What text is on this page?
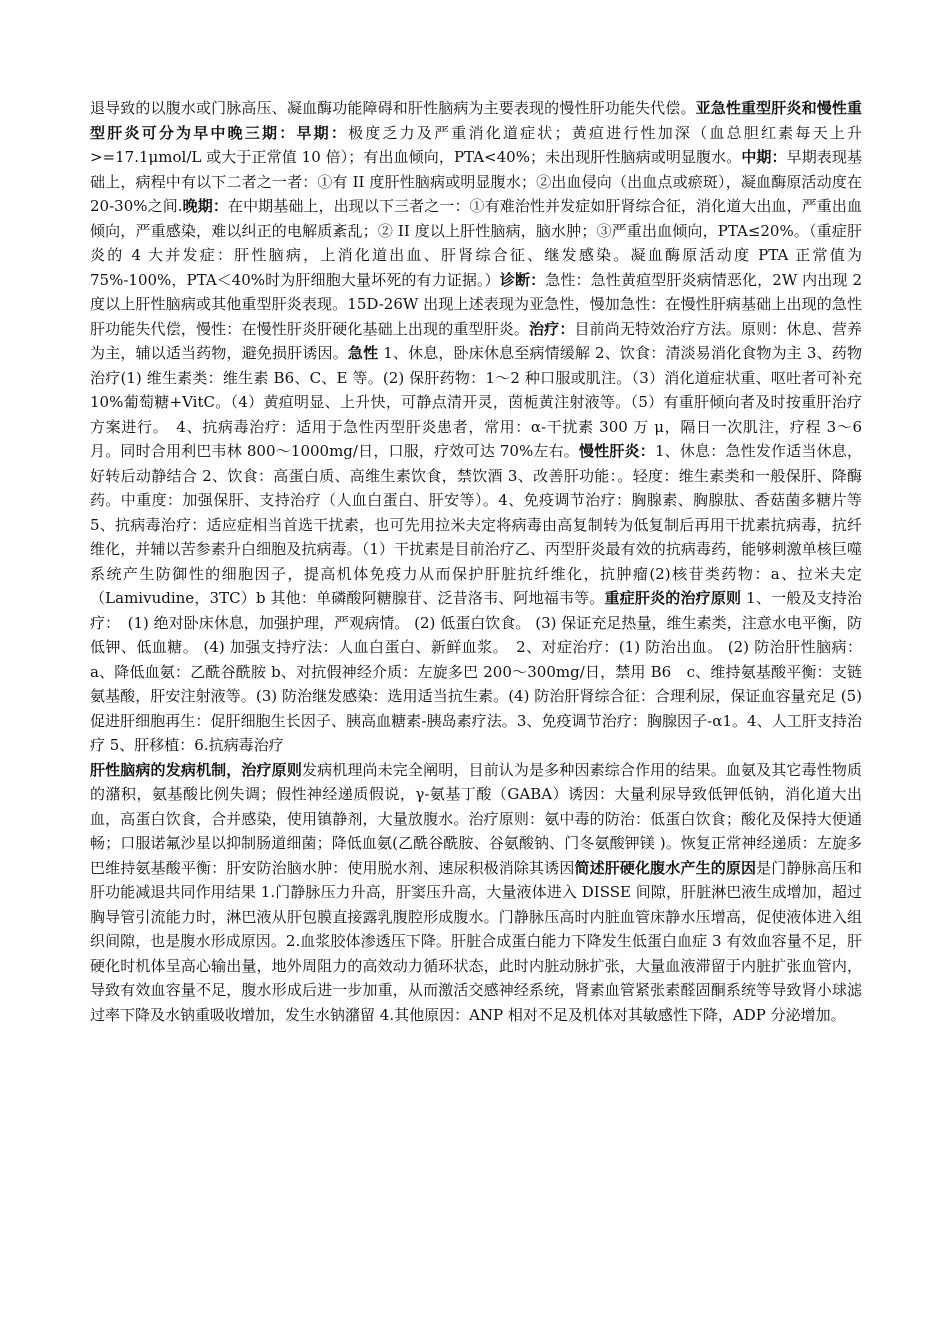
退导致的以腹水或门脉高压、凝血酶功能障碍和肝性脑病为主要表现的慢性肝功能失代偿。亚急性重型肝炎和慢性重型肝炎可分为早中晚三期：早期：极度乏力及严重消化道症状；黄疸进行性加深（血总胆红素每天上升>=17.1μmol/L 或大于正常值 10 倍）；有出血倾向，PTA<40%；未出现肝性脑病或明显腹水。中期：早期表现基础上，病程中有以下二者之一者：①有 II 度肝性脑病或明显腹水；②出血侵向（出血点或瘀斑），凝血酶原活动度在 20-30%之间.晚期：在中期基础上，出现以下三者之一：①有难治性并发症如肝肾综合征，消化道大出血，严重出血倾向，严重感染，难以纠正的电解质紊乱；② II 度以上肝性脑病，脑水肿；③严重出血倾向，PTA≤20%。（重症肝炎的 4 大并发症：肝性脑病，上消化道出血、肝肾综合征、继发感染。凝血酶原活动度 PTA 正常值为 75%-100%，PTA＜40%时为肝细胞大量坏死的有力证据。）诊断：急性：急性黄疸型肝炎病情恶化，2W 内出现 2 度以上肝性脑病或其他重型肝炎表现。15D-26W 出现上述表现为亚急性，慢加急性：在慢性肝病基础上出现的急性肝功能失代偿，慢性：在慢性肝炎肝硬化基础上出现的重型肝炎。治疗：目前尚无特效治疗方法。原则：休息、营养为主，辅以适当药物，避免损肝诱因。急性 1、休息，卧床休息至病情缓解 2、饮食：清淡易消化食物为主 3、药物治疗(1) 维生素类：维生素 B6、C、E 等。(2) 保肝药物：1～2 种口服或肌注。（3）消化道症状重、呕吐者可补充 10%葡萄糖+VitC。（4）黄疸明显、上升快，可静点清开灵，茵栀黄注射液等。（5）有重肝倾向者及时按重肝治疗方案进行。　4、抗病毒治疗：适用于急性丙型肝炎患者，常用：α-干扰素 300 万 μ，隔日一次肌注，疗程 3～6 月。同时合用利巴韦林 800～1000mg/日，口服，疗效可达 70%左右。慢性肝炎：1、休息：急性发作适当休息，好转后动静结合 2、饮食：高蛋白质、高维生素饮食，禁饮酒 3、改善肝功能：。轻度：维生素类和一般保肝、降酶药。中重度：加强保肝、支持治疗（人血白蛋白、肝安等）。4、免疫调节治疗：胸腺素、胸腺肽、香菇菌多糖片等 5、抗病毒治疗：适应症相当首选干扰素，也可先用拉米夫定将病毒由高复制转为低复制后再用干扰素抗病毒，抗纤维化，并辅以苦参素升白细胞及抗病毒。（1）干扰素是目前治疗乙、丙型肝炎最有效的抗病毒药，能够刺激单核巨噬系统产生防御性的细胞因子，提高机体免疫力从而保护肝脏抗纤维化，抗肿瘤(2)核苷类药物：a、拉米夫定（Lamivudine，3TC）b 其他：单磷酸阿糖腺苷、泛昔洛韦、阿地福韦等。重症肝炎的治疗原则 1、一般及支持治疗：　(1) 绝对卧床休息，加强护理，严观病情。 (2) 低蛋白饮食。 (3) 保证充足热量，维生素类，注意水电平衡，防低钾、低血糖。 (4) 加强支持疗法：人血白蛋白、新鲜血浆。　2、对症治疗：(1) 防治出血。 (2) 防治肝性脑病：a、降低血氨：乙酰谷酰胺 b、对抗假神经介质：左旋多巴 200～300mg/日，禁用 B6　c、维持氨基酸平衡：支链氨基酸，肝安注射液等。(3) 防治继发感染：选用适当抗生素。(4) 防治肝肾综合征：合理利尿，保证血容量充足 (5) 促进肝细胞再生：促肝细胞生长因子、胰高血糖素-胰岛素疗法。3、免疫调节治疗：胸腺因子-α1。4、人工肝支持治疗 5、肝移植：6.抗病毒治疗

肝性脑病的发病机制，治疗原则发病机理尚未完全阐明，目前认为是多种因素综合作用的结果。血氨及其它毒性物质的潴积，氨基酸比例失调；假性神经递质假说，γ-氨基丁酸（GABA）诱因：大量利尿导致低钾低钠，消化道大出血，高蛋白饮食，合并感染，使用镇静剂，大量放腹水。治疗原则：氨中毒的防治：低蛋白饮食；酸化及保持大便通畅；口服诺氟沙星以抑制肠道细菌；降低血氨(乙酰谷酰胺、谷氨酸钠、门冬氨酸钾镁 )。恢复正常神经递质：左旋多巴维持氨基酸平衡：肝安防治脑水肿：使用脱水剂、速尿积极消除其诱因简述肝硬化腹水产生的原因是门静脉高压和肝功能减退共同作用结果 1.门静脉压力升高，肝窦压升高，大量液体进入 DISSE 间隙，肝脏淋巴液生成增加，超过胸导管引流能力时，淋巴液从肝包膜直接露乳腹腔形成腹水。门静脉压高时内脏血管床静水压增高，促使液体进入组织间隙，也是腹水形成原因。2.血浆胶体渗透压下降。肝脏合成蛋白能力下降发生低蛋白血症 3 有效血容量不足，肝硬化时机体呈高心输出量，地外周阻力的高效动力循环状态，此时内脏动脉扩张，大量血液滞留于内脏扩张血管内，导致有效血容量不足，腹水形成后进一步加重，从而激活交感神经系统，肾素血管紧张素醛固酮系统等导致肾小球滤过率下降及水钠重吸收增加，发生水钠潴留 4.其他原因：ANP 相对不足及机体对其敏感性下降，ADP 分泌增加。
